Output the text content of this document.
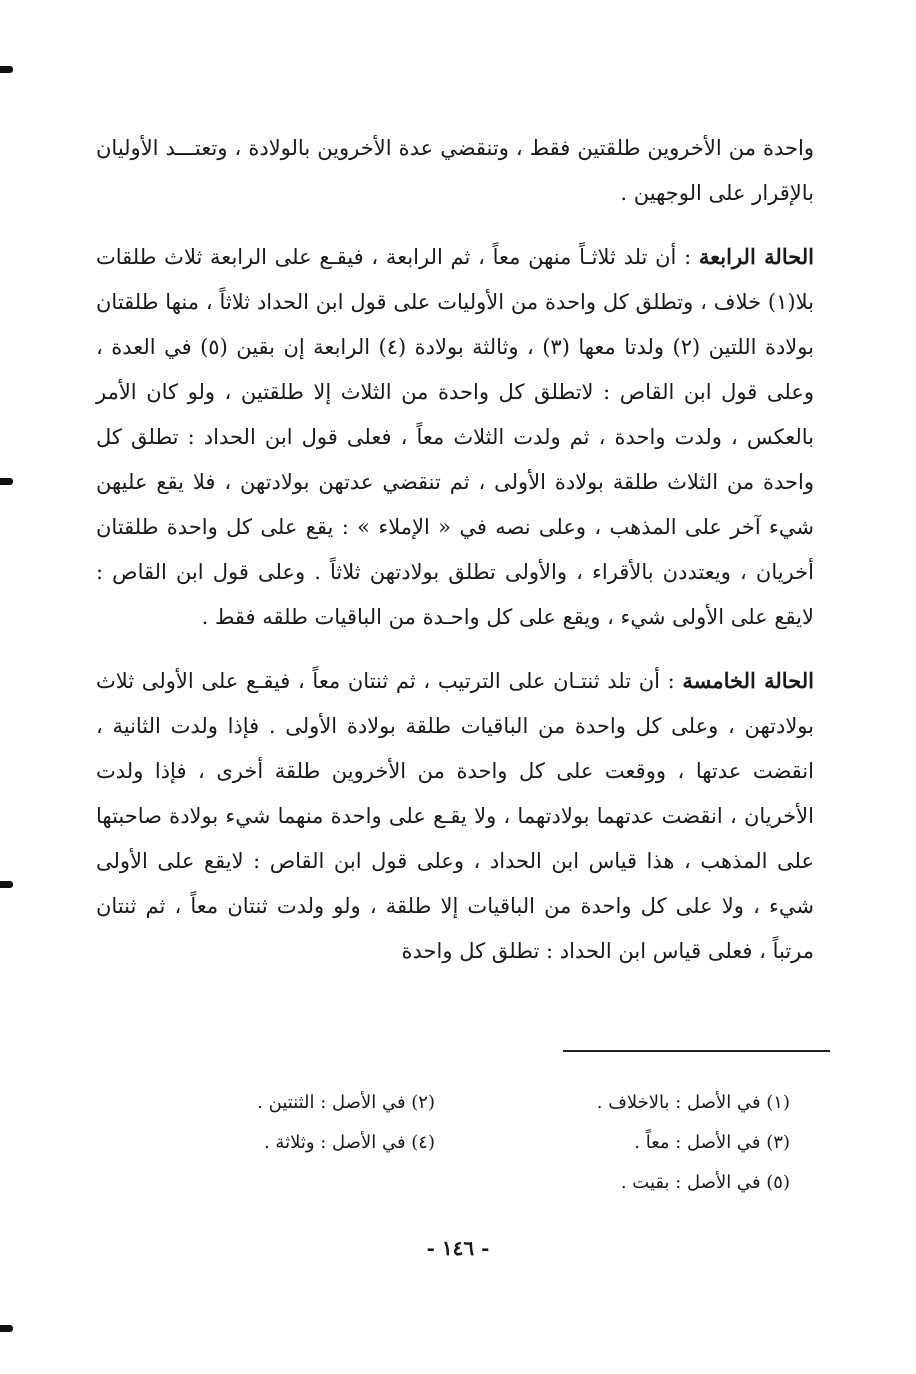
واحدة من الأخروين طلقتين فقط ، وتنقضي عدة الأخروين بالولادة ، وتعتـــد الأوليان بالإقرار على الوجهين .

الحالة الرابعة : أن تلد ثلاثـاً منهن معاً ، ثم الرابعة ، فيقـع على الرابعة ثلاث طلقات بلا(١) خلاف ، وتطلق كل واحدة من الأوليات على قول ابن الحداد ثلاثاً ، منها طلقتان بولادة اللتين (٢) ولدتا معها (٣) ، وثالثة بولادة (٤) الرابعة إن بقين (٥) في العدة ، وعلى قول ابن القاص : لاتطلق كل واحدة من الثلاث إلا طلقتين ، ولو كان الأمر بالعكس ، ولدت واحدة ، ثم ولدت الثلاث معاً ، فعلى قول ابن الحداد : تطلق كل واحدة من الثلاث طلقة بولادة الأولى ، ثم تنقضي عدتهن بولادتهن ، فلا يقع عليهن شيء آخر على المذهب ، وعلى نصه في « الإملاء » : يقع على كل واحدة طلقتان أخريان ، ويعتددن بالأقراء ، والأولى تطلق بولادتهن ثلاثاً . وعلى قول ابن القاص : لايقع على الأولى شيء ، ويقع على كل واحـدة من الباقيات طلقه فقط .

الحالة الخامسة : أن تلد ثنتـان على الترتيب ، ثم ثنتان معاً ، فيقـع على الأولى ثلاث بولادتهن ، وعلى كل واحدة من الباقيات طلقة بولادة الأولى . فإذا ولدت الثانية ، انقضت عدتها ، ووقعت على كل واحدة من الأخروين طلقة أخرى ، فإذا ولدت الأخريان ، انقضت عدتهما بولادتهما ، ولا يقـع على واحدة منهما شيء بولادة صاحبتها على المذهب ، هذا قياس ابن الحداد ، وعلى قول ابن القاص : لايقع على الأولى شيء ، ولا على كل واحدة من الباقيات إلا طلقة ، ولو ولدت ثنتان معاً ، ثم ثنتان مرتباً ، فعلى قياس ابن الحداد : تطلق كل واحدة

(١) في الأصل : بالاخلاف .
(٢) في الأصل : الثنتين .
(٣) في الأصل : معاً .
(٤) في الأصل : وثلاثة .
(٥) في الأصل : بقيت .
- ١٤٦ -
